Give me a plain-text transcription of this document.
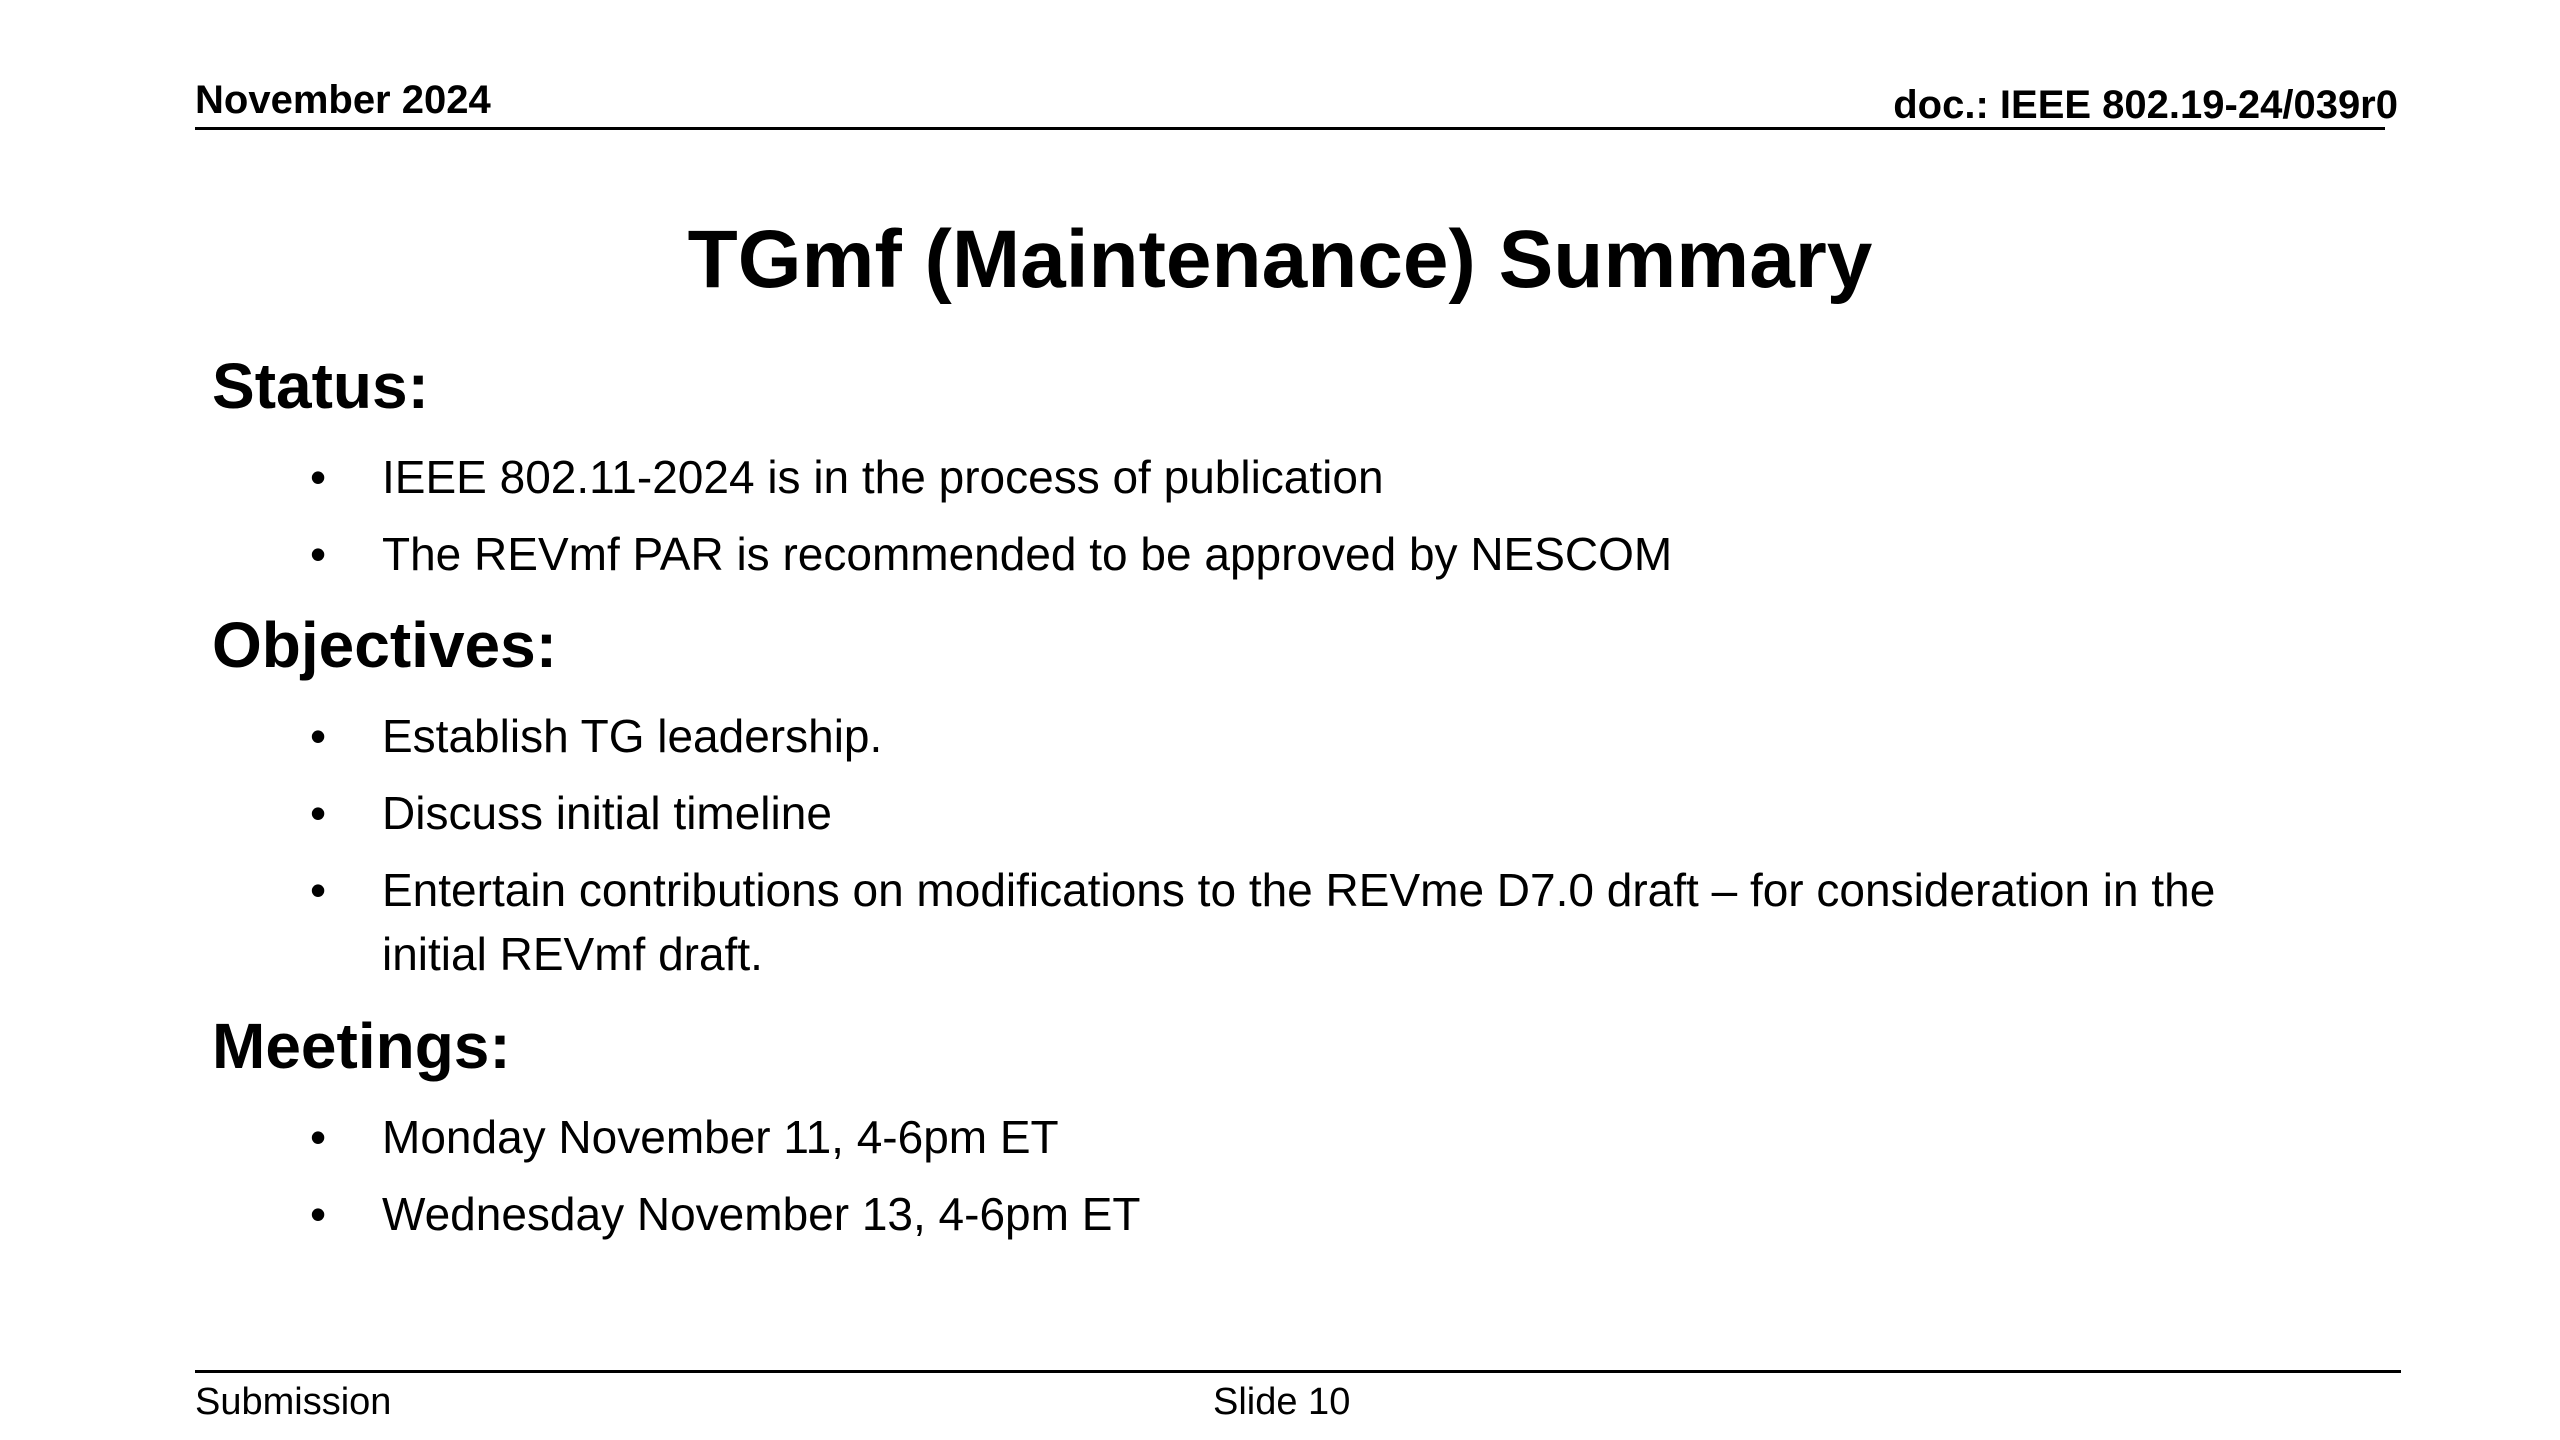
November 2024	doc.: IEEE 802.19-24/039r0
TGmf (Maintenance) Summary
Status:
• IEEE 802.11-2024 is in the process of publication
• The REVmf PAR is recommended to be approved by NESCOM
Objectives:
• Establish TG leadership.
• Discuss initial timeline
• Entertain contributions on modifications to the REVme D7.0 draft – for consideration in the initial REVmf draft.
Meetings:
• Monday November 11, 4-6pm ET
• Wednesday November 13, 4-6pm ET
Submission	Slide 10
